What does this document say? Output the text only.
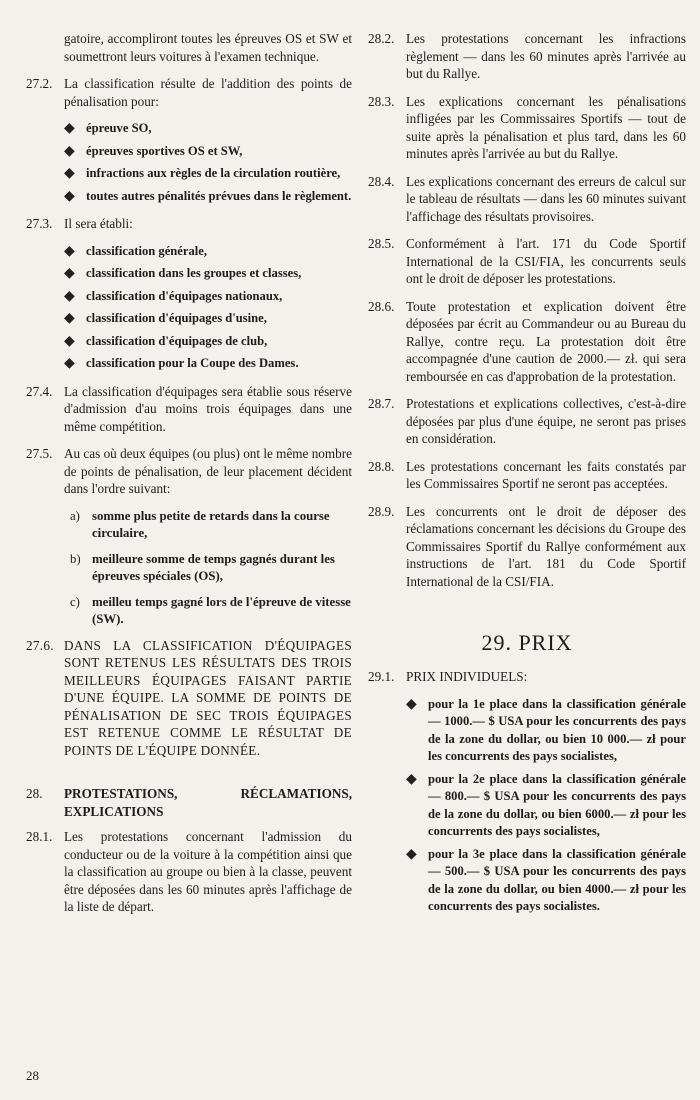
gatoire, accompliront toutes les épreuves OS et SW et soumettront leurs voitures à l'examen technique.
27.2. La classification résulte de l'addition des points de pénalisation pour:
◆ épreuve SO,
◆ épreuves sportives OS et SW,
◆ infractions aux règles de la circulation routière,
◆ toutes autres pénalités prévues dans le règlement.
27.3. Il sera établi:
◆ classification générale,
◆ classification dans les groupes et classes,
◆ classification d'équipages nationaux,
◆ classification d'équipages d'usine,
◆ classification d'équipages de club,
◆ classification pour la Coupe des Dames.
27.4. La classification d'équipages sera établie sous réserve d'admission d'au moins trois équipages dans une même compétition.
27.5. Au cas où deux équipes (ou plus) ont le même nombre de points de pénalisation, de leur placement décident dans l'ordre suivant:
a) somme plus petite de retards dans la course circulaire,
b) meilleure somme de temps gagnés durant les épreuves spéciales (OS),
c) meilleu temps gagné lors de l'épreuve de vitesse (SW).
27.6. DANS LA CLASSIFICATION D'ÉQUIPAGES SONT RETENUS LES RÉSULTATS DES TROIS MEILLEURS ÉQUIPAGES FAISANT PARTIE D'UNE ÉQUIPE. LA SOMME DE POINTS DE PÉNALISATION DE SEC TROIS ÉQUIPAGES EST RETENUE COMME LE RÉSULTAT DE POINTS DE L'ÉQUIPE DONNÉE.
28.	PROTESTATIONS, RÉCLAMATIONS, EXPLICATIONS
28.1. Les protestations concernant l'admission du conducteur ou de la voiture à la compétition ainsi que la classification au groupe ou bien à la classe, peuvent être déposées dans les 60 minutes après l'affichage de la liste de départ.
28.2. Les protestations concernant les infractions règlement — dans les 60 minutes après l'arrivée au but du Rallye.
28.3. Les explications concernant les pénalisations infligées par les Commissaires Sportifs — tout de suite après la pénalisation et plus tard, dans les 60 minutes après l'arrivée au but du Rallye.
28.4. Les explications concernant des erreurs de calcul sur le tableau de résultats — dans les 60 minutes suivant l'affichage des résultats provisoires.
28.5. Conformément à l'art. 171 du Code Sportif International de la CSI/FIA, les concurrents seuls ont le droit de déposer les protestations.
28.6. Toute protestation et explication doivent être déposées par écrit au Commandeur ou au Bureau du Rallye, contre reçu. La protestation doit être accompagnée d'une caution de 2000.— zł. qui sera remboursée en cas d'approbation de la protestation.
28.7. Protestations et explications collectives, c'est-à-dire déposées par plus d'une équipe, ne seront pas prises en considération.
28.8. Les protestations concernant les faits constatés par les Commissaires Sportif ne seront pas acceptées.
28.9. Les concurrents ont le droit de déposer des réclamations concernant les décisions du Groupe des Commissaires Sportif du Rallye conformément aux instructions de l'art. 181 du Code Sportif International de la CSI/FIA.
29. PRIX
29.1. PRIX INDIVIDUELS:
◆ pour la 1e place dans la classification générale — 1000.— $ USA pour les concurrents des pays de la zone du dollar, ou bien 10 000.— zł pour les concurrents des pays socialistes,
◆ pour la 2e place dans la classification générale — 800.— $ USA pour les concurrents des pays de la zone du dollar, ou bien 6000.— zł pour les concurrents des pays socialistes,
◆ pour la 3e place dans la classification générale — 500.— $ USA pour les concurrents des pays de la zone du dollar, ou bien 4000.— zł pour les concurrents des pays socialistes.
28
